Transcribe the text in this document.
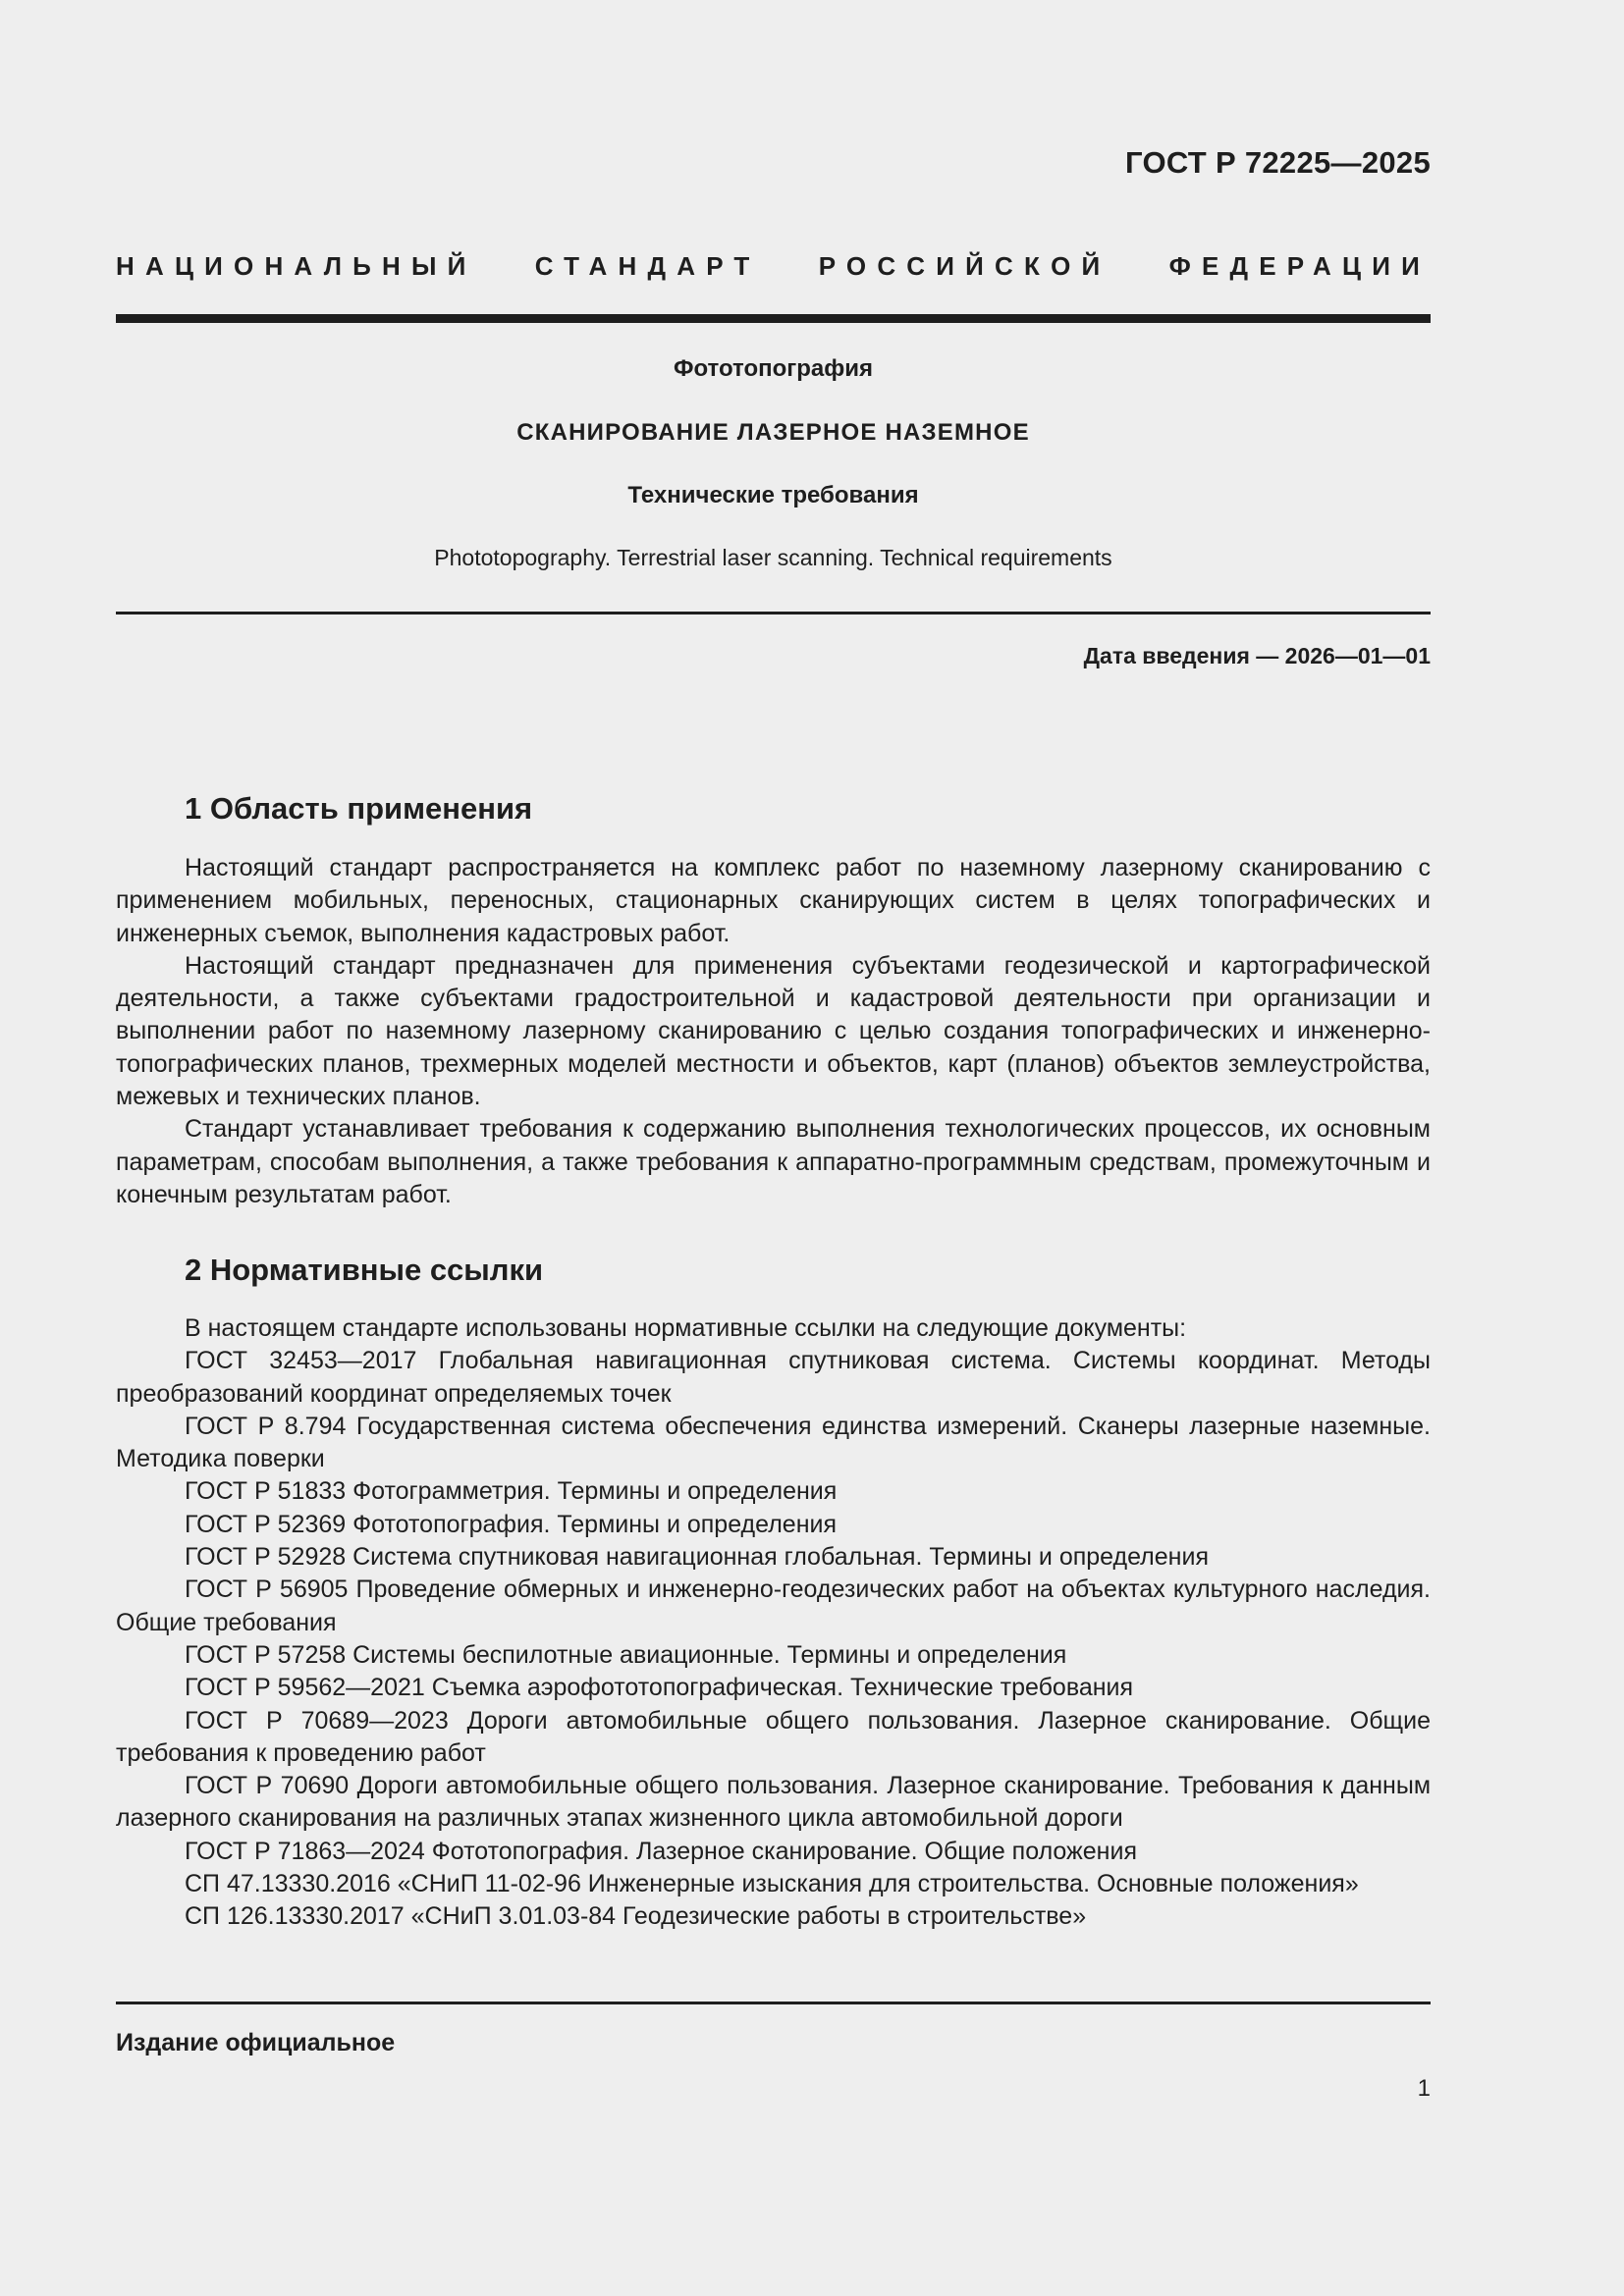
ГОСТ Р 72225—2025
НАЦИОНАЛЬНЫЙ СТАНДАРТ РОССИЙСКОЙ ФЕДЕРАЦИИ
Фототопография
СКАНИРОВАНИЕ ЛАЗЕРНОЕ НАЗЕМНОЕ
Технические требования
Phototopography. Terrestrial laser scanning. Technical requirements
Дата введения — 2026—01—01
1 Область применения

Настоящий стандарт распространяется на комплекс работ по наземному лазерному сканированию с применением мобильных, переносных, стационарных сканирующих систем в целях топографических и инженерных съемок, выполнения кадастровых работ.

Настоящий стандарт предназначен для применения субъектами геодезической и картографической деятельности, а также субъектами градостроительной и кадастровой деятельности при организации и выполнении работ по наземному лазерному сканированию с целью создания топографических и инженерно-топографических планов, трехмерных моделей местности и объектов, карт (планов) объектов землеустройства, межевых и технических планов.

Стандарт устанавливает требования к содержанию выполнения технологических процессов, их основным параметрам, способам выполнения, а также требования к аппаратно-программным средствам, промежуточным и конечным результатам работ.

2 Нормативные ссылки

В настоящем стандарте использованы нормативные ссылки на следующие документы:

ГОСТ 32453—2017 Глобальная навигационная спутниковая система. Системы координат. Методы преобразований координат определяемых точек

ГОСТ Р 8.794 Государственная система обеспечения единства измерений. Сканеры лазерные наземные. Методика поверки

ГОСТ Р 51833 Фотограмметрия. Термины и определения

ГОСТ Р 52369 Фототопография. Термины и определения

ГОСТ Р 52928 Система спутниковая навигационная глобальная. Термины и определения

ГОСТ Р 56905 Проведение обмерных и инженерно-геодезических работ на объектах культурного наследия. Общие требования

ГОСТ Р 57258 Системы беспилотные авиационные. Термины и определения

ГОСТ Р 59562—2021 Съемка аэрофототопографическая. Технические требования

ГОСТ Р 70689—2023 Дороги автомобильные общего пользования. Лазерное сканирование. Общие требования к проведению работ

ГОСТ Р 70690 Дороги автомобильные общего пользования. Лазерное сканирование. Требования к данным лазерного сканирования на различных этапах жизненного цикла автомобильной дороги

ГОСТ Р 71863—2024 Фототопография. Лазерное сканирование. Общие положения

СП 47.13330.2016 «СНиП 11-02-96 Инженерные изыскания для строительства. Основные положения»

СП 126.13330.2017 «СНиП 3.01.03-84 Геодезические работы в строительстве»

Издание официальное
1
